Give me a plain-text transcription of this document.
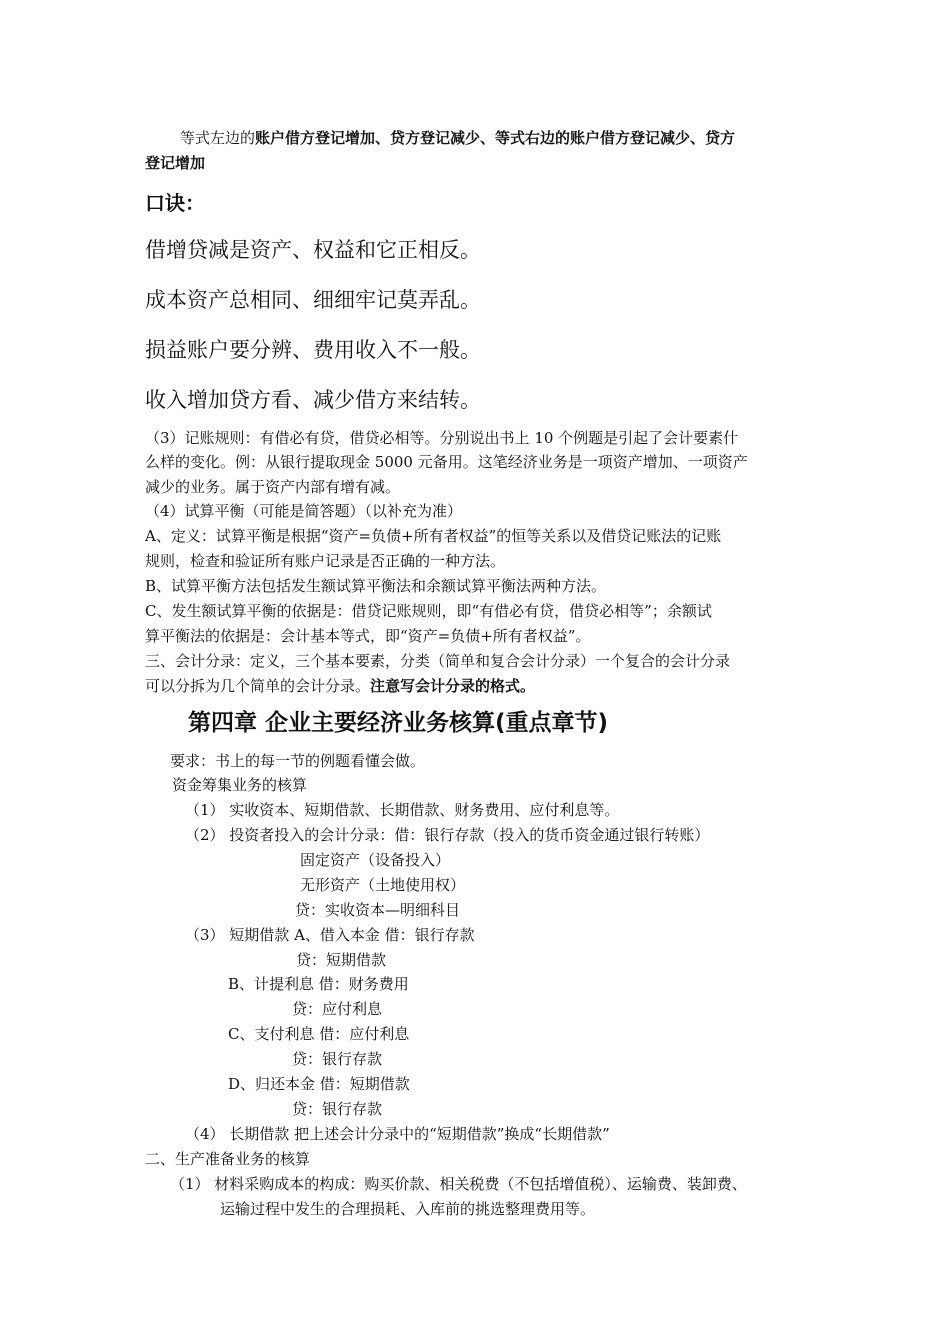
等式左边的账户借方登记增加、贷方登记减少、等式右边的账户借方登记减少、贷方
登记增加
口诀：
借增贷减是资产、权益和它正相反。
成本资产总相同、细细牢记莫弄乱。
损益账户要分辨、费用收入不一般。
收入增加贷方看、减少借方来结转。
（3）记账规则：有借必有贷，借贷必相等。分别说出书上 10 个例题是引起了会计要素什
么样的变化。例：从银行提取现金 5000 元备用。这笔经济业务是一项资产增加、一项资产
减少的业务。属于资产内部有增有减。
（4）试算平衡（可能是简答题）（以补充为准）
A、定义：试算平衡是根据“资产=负债+所有者权益”的恒等关系以及借贷记账法的记账
规则，检查和验证所有账户记录是否正确的一种方法。
B、试算平衡方法包括发生额试算平衡法和余额试算平衡法两种方法。
C、发生额试算平衡的依据是：借贷记账规则，即“有借必有贷，借贷必相等”；余额试
算平衡法的依据是：会计基本等式，即“资产=负债+所有者权益”。
三、会计分录：定义，三个基本要素，分类（简单和复合会计分录）一个复合的会计分录
可以分拆为几个简单的会计分录。注意写会计分录的格式。
第四章 企业主要经济业务核算(重点章节)
要求：书上的每一节的例题看懂会做。
资金筹集业务的核算
（1） 实收资本、短期借款、长期借款、财务费用、应付利息等。
（2） 投资者投入的会计分录：借：银行存款（投入的货币资金通过银行转账）
固定资产（设备投入）
无形资产（土地使用权）
贷：实收资本—明细科目
（3） 短期借款 A、借入本金 借：银行存款
贷：短期借款
B、计提利息 借：财务费用
贷：应付利息
C、支付利息 借：应付利息
贷：银行存款
D、归还本金 借：短期借款
贷：银行存款
（4） 长期借款 把上述会计分录中的“短期借款”换成“长期借款”
二、生产准备业务的核算
（1） 材料采购成本的构成：购买价款、相关税费（不包括增值税）、运输费、装卸费、
运输过程中发生的合理损耗、入库前的挑选整理费用等。
